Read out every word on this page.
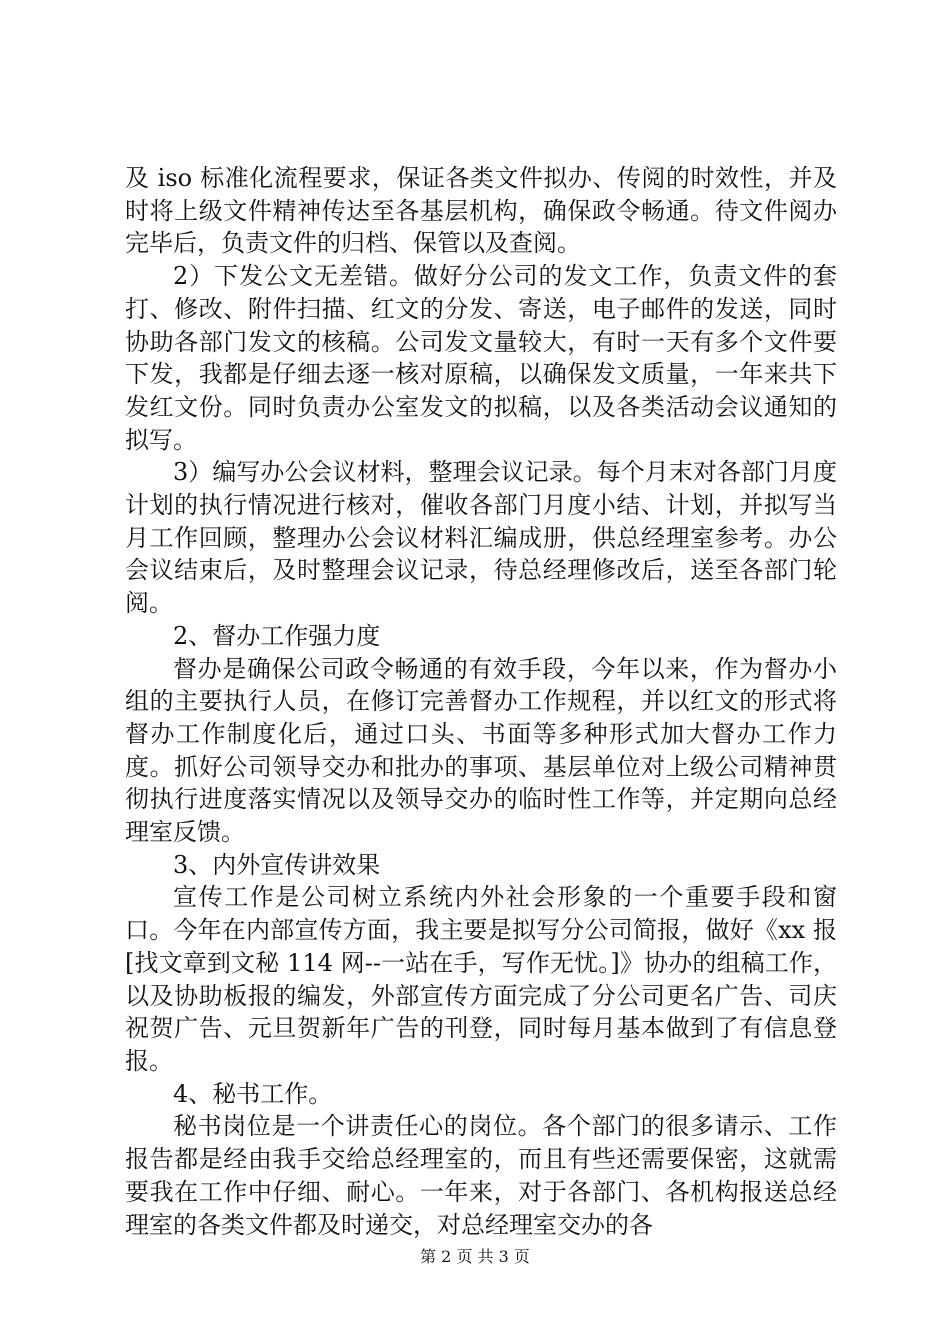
及 iso 标准化流程要求，保证各类文件拟办、传阅的时效性，并及时将上级文件精神传达至各基层机构，确保政令畅通。待文件阅办完毕后，负责文件的归档、保管以及查阅。

2）下发公文无差错。做好分公司的发文工作，负责文件的套打、修改、附件扫描、红文的分发、寄送，电子邮件的发送，同时协助各部门发文的核稿。公司发文量较大，有时一天有多个文件要下发，我都是仔细去逐一核对原稿，以确保发文质量，一年来共下发红文份。同时负责办公室发文的拟稿，以及各类活动会议通知的拟写。

3）编写办公会议材料，整理会议记录。每个月末对各部门月度计划的执行情况进行核对，催收各部门月度小结、计划，并拟写当月工作回顾，整理办公会议材料汇编成册，供总经理室参考。办公会议结束后，及时整理会议记录，待总经理修改后，送至各部门轮阅。

2、督办工作强力度

督办是确保公司政令畅通的有效手段，今年以来，作为督办小组的主要执行人员，在修订完善督办工作规程，并以红文的形式将督办工作制度化后，通过口头、书面等多种形式加大督办工作力度。抓好公司领导交办和批办的事项、基层单位对上级公司精神贯彻执行进度落实情况以及领导交办的临时性工作等，并定期向总经理室反馈。

3、内外宣传讲效果

宣传工作是公司树立系统内外社会形象的一个重要手段和窗口。今年在内部宣传方面，我主要是拟写分公司简报，做好《xx 报[找文章到文秘 114 网--一站在手，写作无忧。]》协办的组稿工作，以及协助板报的编发，外部宣传方面完成了分公司更名广告、司庆祝贺广告、元旦贺新年广告的刊登，同时每月基本做到了有信息登报。

4、秘书工作。

秘书岗位是一个讲责任心的岗位。各个部门的很多请示、工作报告都是经由我手交给总经理室的，而且有些还需要保密，这就需要我在工作中仔细、耐心。一年来，对于各部门、各机构报送总经理室的各类文件都及时递交，对总经理室交办的各

第 2 页 共 3 页
